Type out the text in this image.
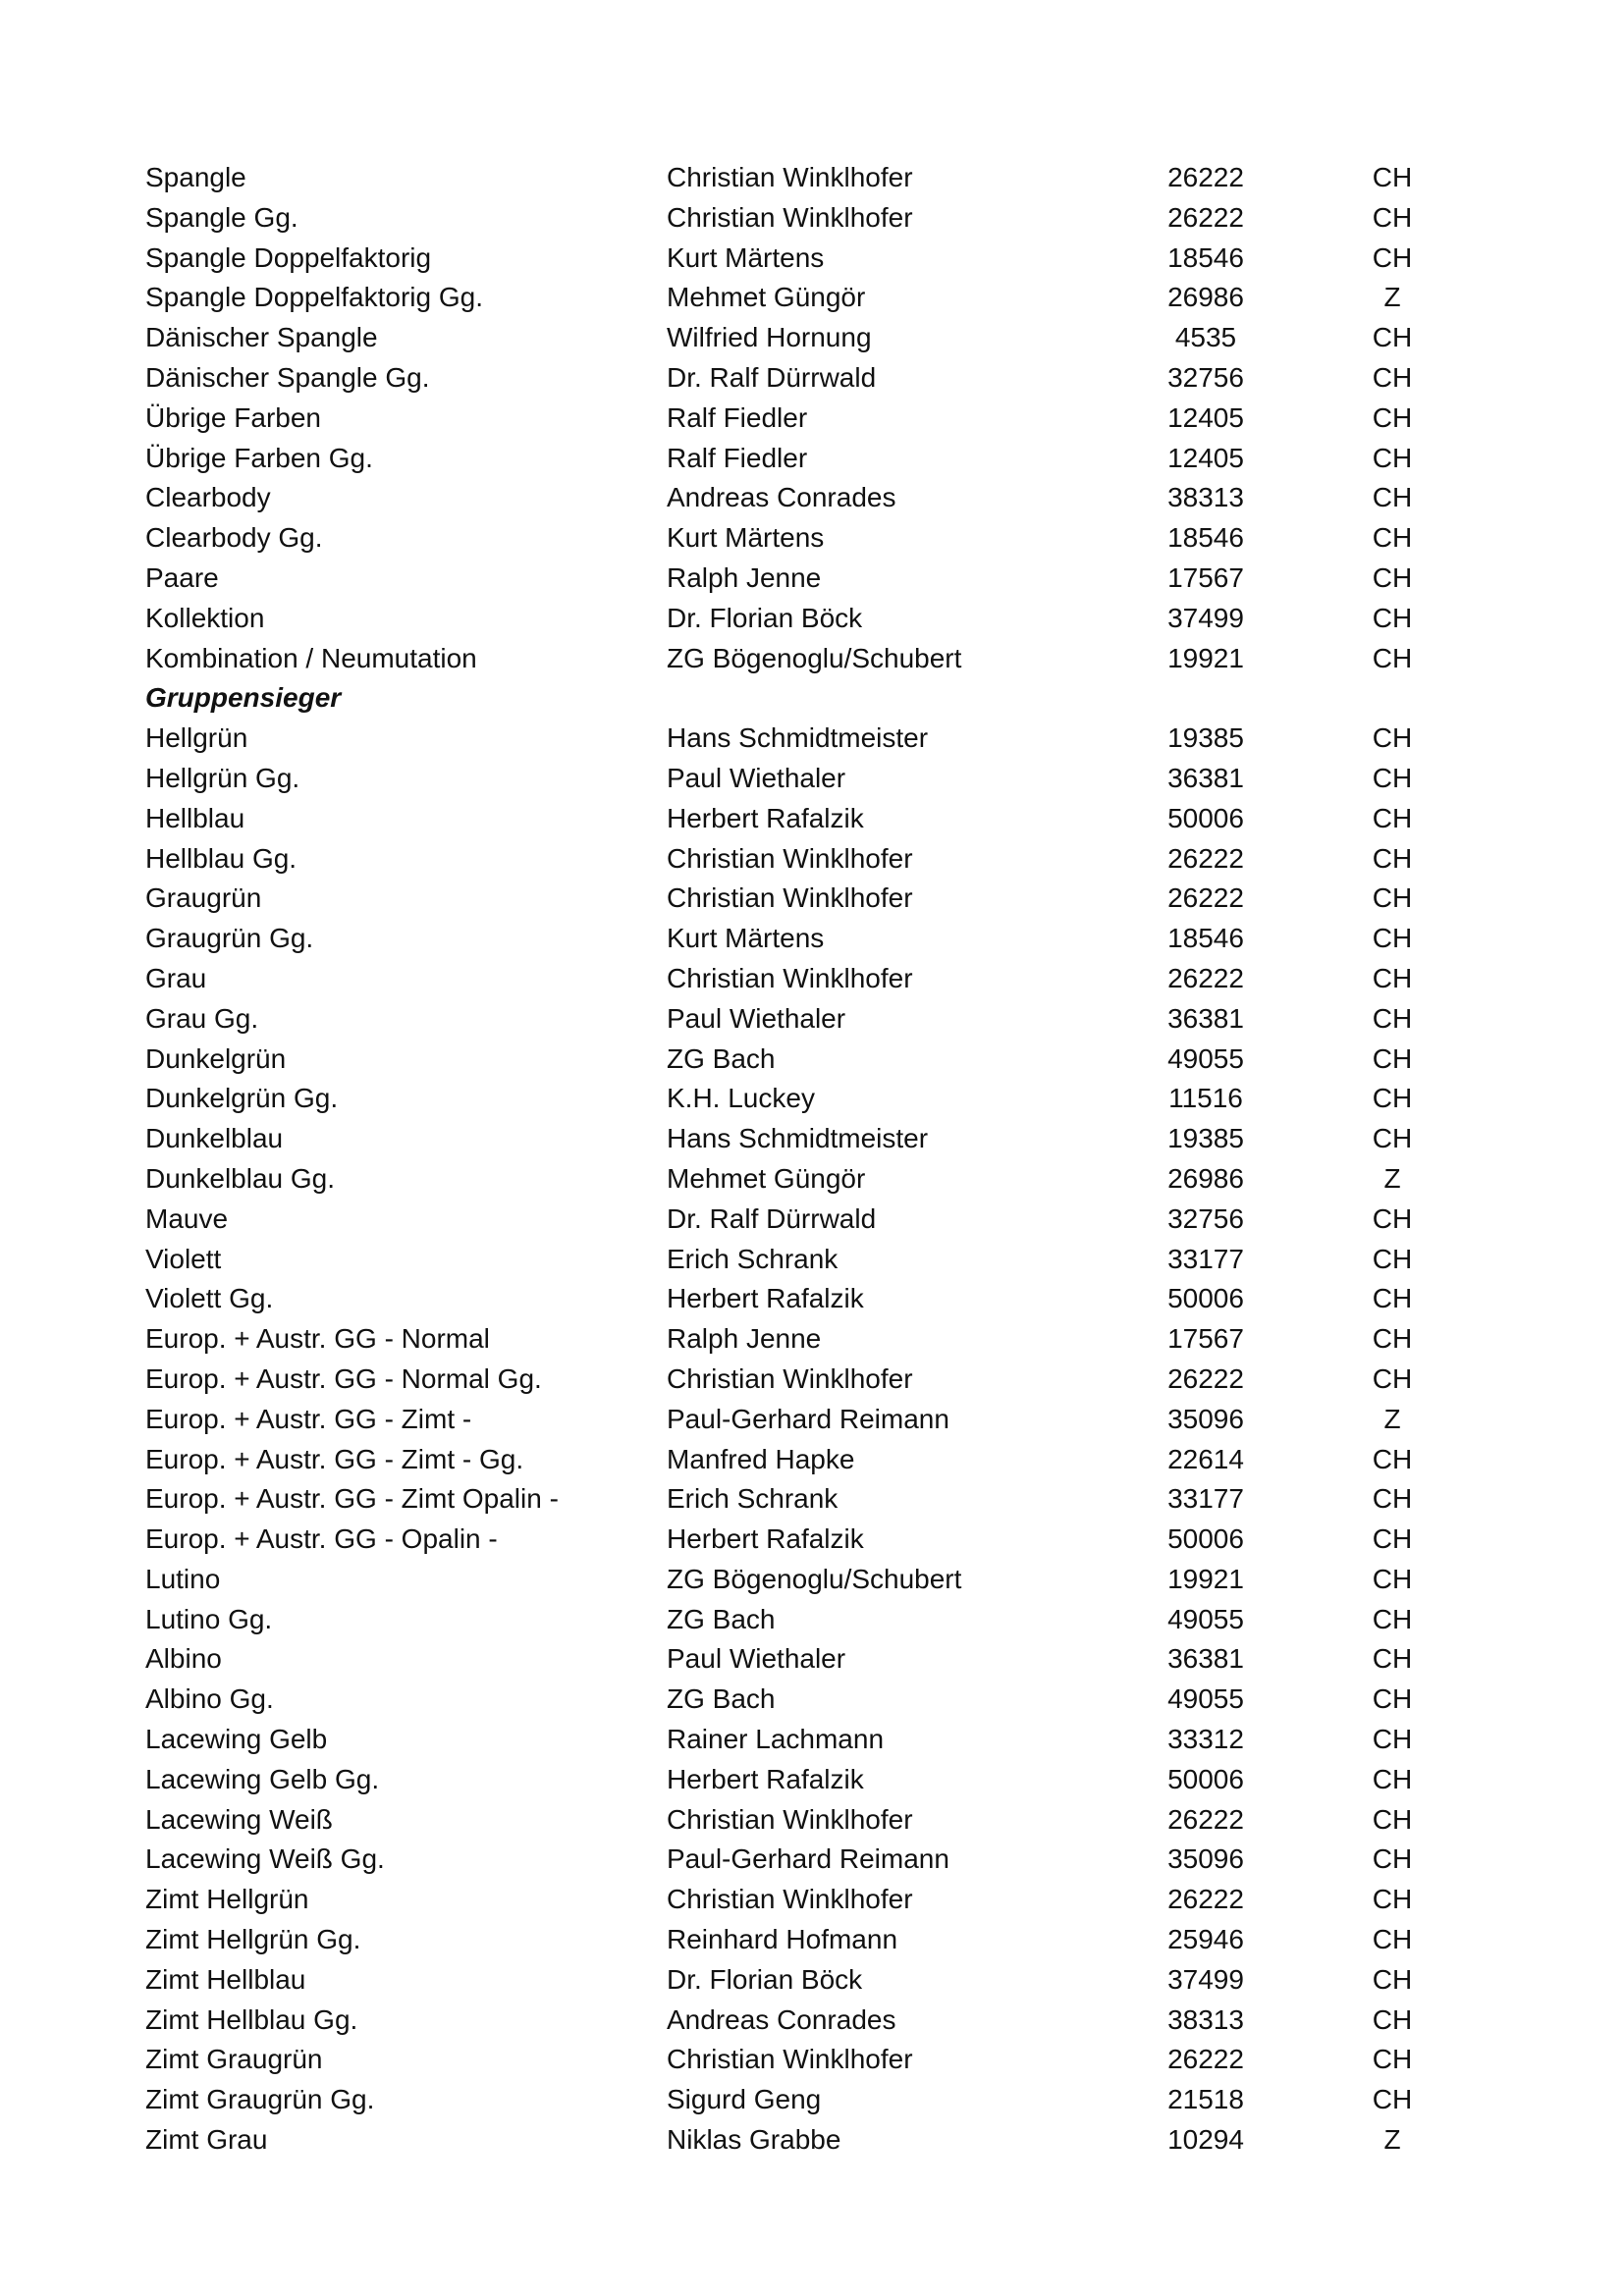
Spangle	Christian Winklhofer	26222	CH
Spangle Gg.	Christian Winklhofer	26222	CH
Spangle Doppelfaktorig	Kurt Märtens	18546	CH
Spangle Doppelfaktorig Gg.	Mehmet Güngör	26986	Z
Dänischer Spangle	Wilfried Hornung	4535	CH
Dänischer Spangle Gg.	Dr. Ralf Dürrwald	32756	CH
Übrige Farben	Ralf Fiedler	12405	CH
Übrige Farben Gg.	Ralf Fiedler	12405	CH
Clearbody	Andreas Conrades	38313	CH
Clearbody Gg.	Kurt Märtens	18546	CH
Paare	Ralph Jenne	17567	CH
Kollektion	Dr. Florian Böck	37499	CH
Kombination / Neumutation	ZG Bögenoglu/Schubert	19921	CH
Gruppensieger
Hellgrün	Hans Schmidtmeister	19385	CH
Hellgrün Gg.	Paul Wiethaler	36381	CH
Hellblau	Herbert Rafalzik	50006	CH
Hellblau Gg.	Christian Winklhofer	26222	CH
Graugrün	Christian Winklhofer	26222	CH
Graugrün Gg.	Kurt Märtens	18546	CH
Grau	Christian Winklhofer	26222	CH
Grau Gg.	Paul Wiethaler	36381	CH
Dunkelgrün	ZG Bach	49055	CH
Dunkelgrün Gg.	K.H. Luckey	11516	CH
Dunkelblau	Hans Schmidtmeister	19385	CH
Dunkelblau Gg.	Mehmet Güngör	26986	Z
Mauve	Dr. Ralf Dürrwald	32756	CH
Violett	Erich Schrank	33177	CH
Violett Gg.	Herbert Rafalzik	50006	CH
Europ. + Austr. GG - Normal	Ralph Jenne	17567	CH
Europ. + Austr. GG - Normal Gg.	Christian Winklhofer	26222	CH
Europ. + Austr. GG - Zimt -	Paul-Gerhard Reimann	35096	Z
Europ. + Austr. GG - Zimt - Gg.	Manfred Hapke	22614	CH
Europ. + Austr. GG - Zimt Opalin -	Erich Schrank	33177	CH
Europ. + Austr. GG - Opalin -	Herbert Rafalzik	50006	CH
Lutino	ZG Bögenoglu/Schubert	19921	CH
Lutino Gg.	ZG Bach	49055	CH
Albino	Paul Wiethaler	36381	CH
Albino Gg.	ZG Bach	49055	CH
Lacewing Gelb	Rainer Lachmann	33312	CH
Lacewing Gelb Gg.	Herbert Rafalzik	50006	CH
Lacewing Weiß	Christian Winklhofer	26222	CH
Lacewing Weiß Gg.	Paul-Gerhard Reimann	35096	CH
Zimt Hellgrün	Christian Winklhofer	26222	CH
Zimt Hellgrün Gg.	Reinhard Hofmann	25946	CH
Zimt Hellblau	Dr. Florian Böck	37499	CH
Zimt Hellblau Gg.	Andreas Conrades	38313	CH
Zimt Graugrün	Christian Winklhofer	26222	CH
Zimt Graugrün Gg.	Sigurd Geng	21518	CH
Zimt Grau	Niklas Grabbe	10294	Z
